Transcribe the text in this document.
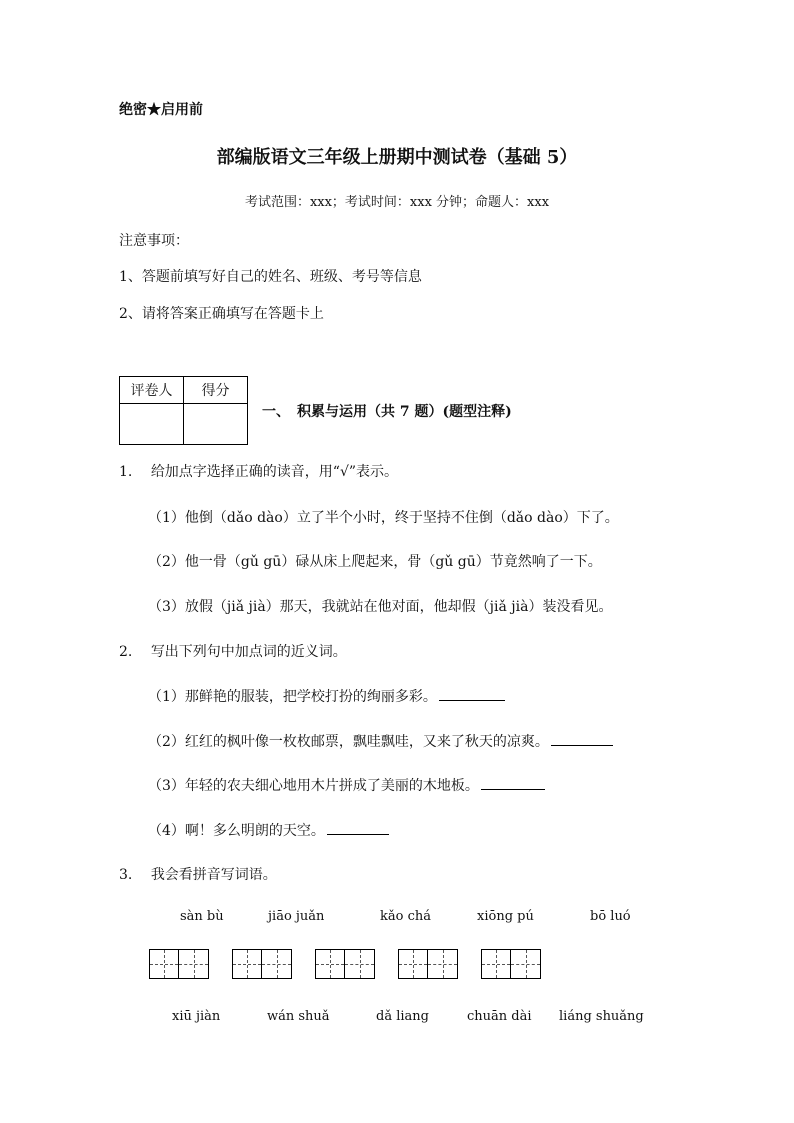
绝密★启用前
部编版语文三年级上册期中测试卷（基础 5）
考试范围：xxx；考试时间：xxx 分钟；命题人：xxx
注意事项：
1、答题前填写好自己的姓名、班级、考号等信息
2、请将答案正确填写在答题卡上
评卷人	得分

一、　积累与运用（共 7 题）(题型注释)
1. 给加点字选择正确的读音，用“√”表示。
（1）他倒（dǎo dào）立了半个小时，终于坚持不住倒（dǎo dào）下了。
（2）他一骨（gǔ gū）碌从床上爬起来，骨（gǔ gū）节竟然响了一下。
（3）放假（jiǎ jià）那天，我就站在他对面，他却假（jiǎ jià）装没看见。
2. 写出下列句中加点词的近义词。
（1）那鲜艳的服装，把学校打扮的绚丽多彩。
（2）红红的枫叶像一枚枚邮票，飘哇飘哇，又来了秋天的凉爽。
（3）年轻的农夫细心地用木片拼成了美丽的木地板。
（4）啊！多么明朗的天空。
3. 我会看拼音写词语。
sàn bù	jiāo juǎn	kǎo chá	xiōng pú	bō luó
xiū jiàn	wán shuǎ	dǎ liang	chuān dài liáng shuǎng
